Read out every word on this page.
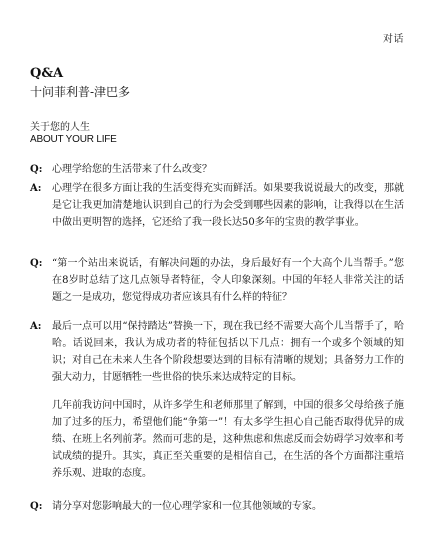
对话
Q&A
十问菲利普-津巴多
关于您的人生
ABOUT YOUR LIFE
Q: 心理学给您的生活带来了什么改变？
A: 心理学在很多方面让我的生活变得充实而鲜活。如果要我说说最大的改变，那就是它让我更加清楚地认识到自己的行为会受到哪些因素的影响，让我得以在生活中做出更明智的选择，它还给了我一段长达50多年的宝贵的教学事业。
Q: “第一个站出来说话，有解决问题的办法，身后最好有一个大高个儿当帮手。”您在8岁时总结了这几点领导者特征，令人印象深刻。中国的年轻人非常关注的话题之一是成功，您觉得成功者应该具有什么样的特征？
A: 最后一点可以用“保持踏达”替换一下，现在我已经不需要大高个儿当帮手了，哈哈。话说回来，我认为成功者的特征包括以下几点：拥有一个或多个领域的知识；对自己在未来人生各个阶段想要达到的目标有清晰的规划；具备努力工作的强大动力，甘愿牺牲一些世俗的快乐来达成特定的目标。
几年前我访问中国时，从许多学生和老师那里了解到，中国的很多父母给孩子施加了过多的压力，希望他们能“争第一”！有太多学生担心自己能否取得优异的成绩、在班上名列前茅。然而可悲的是，这种焦虑和焦虑反而会妨碍学习效率和考试成绩的提升。其实，真正至关重要的是相信自己，在生活的各个方面都注重培养乐观、进取的态度。
Q: 请分享对您影响最大的一位心理学家和一位其他领域的专家。
